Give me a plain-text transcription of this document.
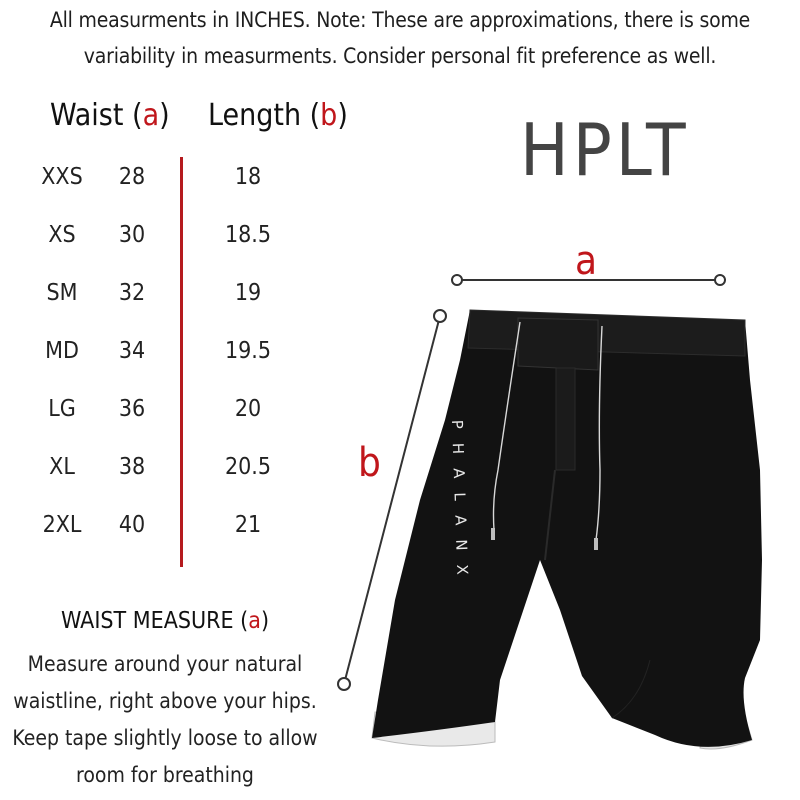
All measurments in INCHES. Note: These are approximations, there is some
variability in measurments. Consider personal fit preference as well.
Waist (a) Length (b)
XXS	28	18
XS	30	18.5
SM	32	19
MD	34	19.5
LG	36	20
XL	38	20.5
2XL	40	21
HPLT
PHALANX
a
b
WAIST MEASURE (a)
Measure around your natural
waistline, right above your hips.
Keep tape slightly loose to allow
room for breathing
